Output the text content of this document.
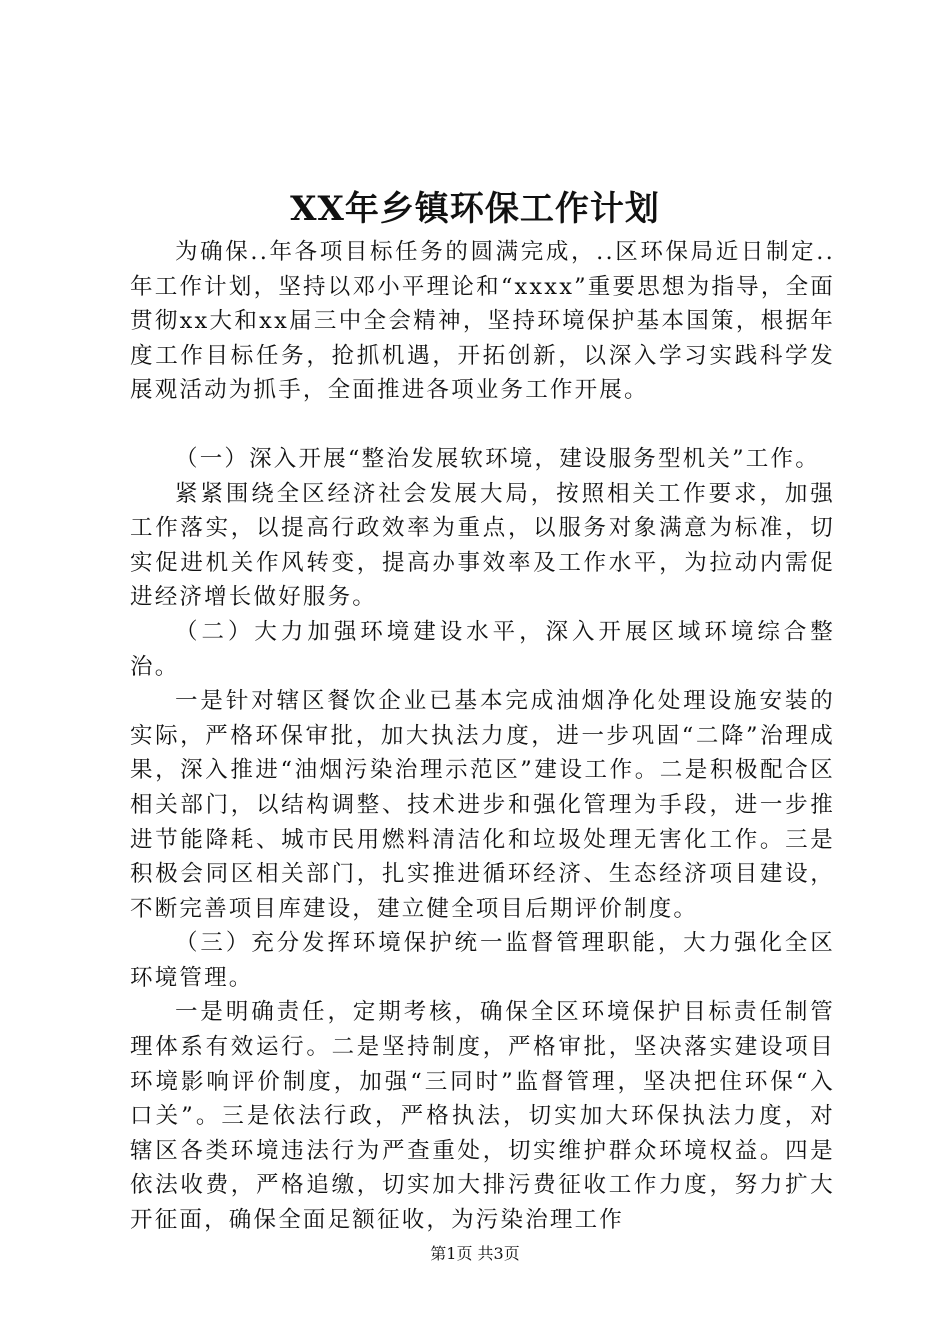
XX年乡镇环保工作计划

为确保..年各项目标任务的圆满完成，..区环保局近日制定..年工作计划，坚持以邓小平理论和“xxxx”重要思想为指导，全面贯彻xx大和xx届三中全会精神，坚持环境保护基本国策，根据年度工作目标任务，抢抓机遇，开拓创新，以深入学习实践科学发展观活动为抓手，全面推进各项业务工作开展。

（一）深入开展“整治发展软环境，建设服务型机关”工作。

紧紧围绕全区经济社会发展大局，按照相关工作要求，加强工作落实，以提高行政效率为重点，以服务对象满意为标准，切实促进机关作风转变，提高办事效率及工作水平，为拉动内需促进经济增长做好服务。

（二）大力加强环境建设水平，深入开展区域环境综合整治。

一是针对辖区餐饮企业已基本完成油烟净化处理设施安装的实际，严格环保审批，加大执法力度，进一步巩固“二降”治理成果，深入推进“油烟污染治理示范区”建设工作。二是积极配合区相关部门，以结构调整、技术进步和强化管理为手段，进一步推进节能降耗、城市民用燃料清洁化和垃圾处理无害化工作。三是积极会同区相关部门，扎实推进循环经济、生态经济项目建设，不断完善项目库建设，建立健全项目后期评价制度。

（三）充分发挥环境保护统一监督管理职能，大力强化全区环境管理。

一是明确责任，定期考核，确保全区环境保护目标责任制管理体系有效运行。二是坚持制度，严格审批，坚决落实建设项目环境影响评价制度，加强“三同时”监督管理，坚决把住环保“入口关”。三是依法行政，严格执法，切实加大环保执法力度，对辖区各类环境违法行为严查重处，切实维护群众环境权益。四是依法收费，严格追缴，切实加大排污费征收工作力度，努力扩大开征面，确保全面足额征收，为污染治理工作

第1页 共3页
